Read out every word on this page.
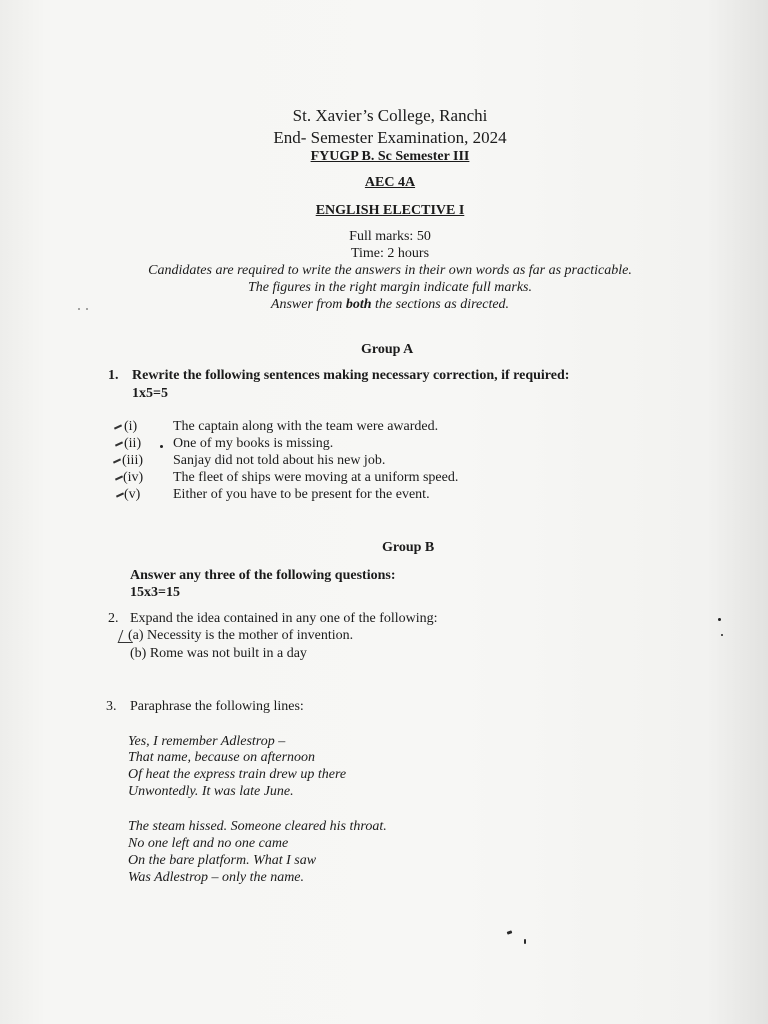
St. Xavier’s College, Ranchi
End- Semester Examination, 2024
FYUGP B. Sc Semester III
AEC 4A
ENGLISH ELECTIVE I
Full marks: 50
Time: 2 hours
Candidates are required to write the answers in their own words as far as practicable.
The figures in the right margin indicate full marks.
Answer from both the sections as directed.
Group A
1. Rewrite the following sentences making necessary correction, if required:
1x5=5
(i)	The captain along with the team were awarded.
(ii) One of my books is missing.
(iii) Sanjay did not told about his new job.
(iv) The fleet of ships were moving at a uniform speed.
(v) Either of you have to be present for the event.
Group B
Answer any three of the following questions:
15x3=15
2. Expand the idea contained in any one of the following:
(a) Necessity is the mother of invention.
(b) Rome was not built in a day
3. Paraphrase the following lines:
Yes, I remember Adlestrop –
That name, because on afternoon
Of heat the express train drew up there
Unwontedly. It was late June.
The steam hissed. Someone cleared his throat.
No one left and no one came
On the bare platform. What I saw
Was Adlestrop – only the name.
